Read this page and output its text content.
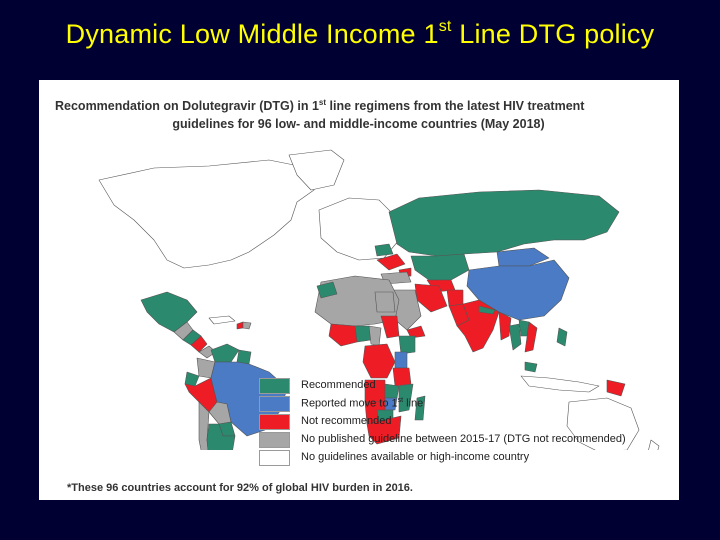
Dynamic Low Middle Income 1st Line DTG policy
Recommendation on Dolutegravir (DTG) in 1st line regimens from the latest HIV treatment
guidelines for 96 low- and middle-income countries (May 2018)
Recommended
Reported move to 1st line
Not recommended
No published guideline between 2015-17 (DTG not recommended)
No guidelines available or high-income country
*These 96 countries account for 92% of global HIV burden in 2016.
